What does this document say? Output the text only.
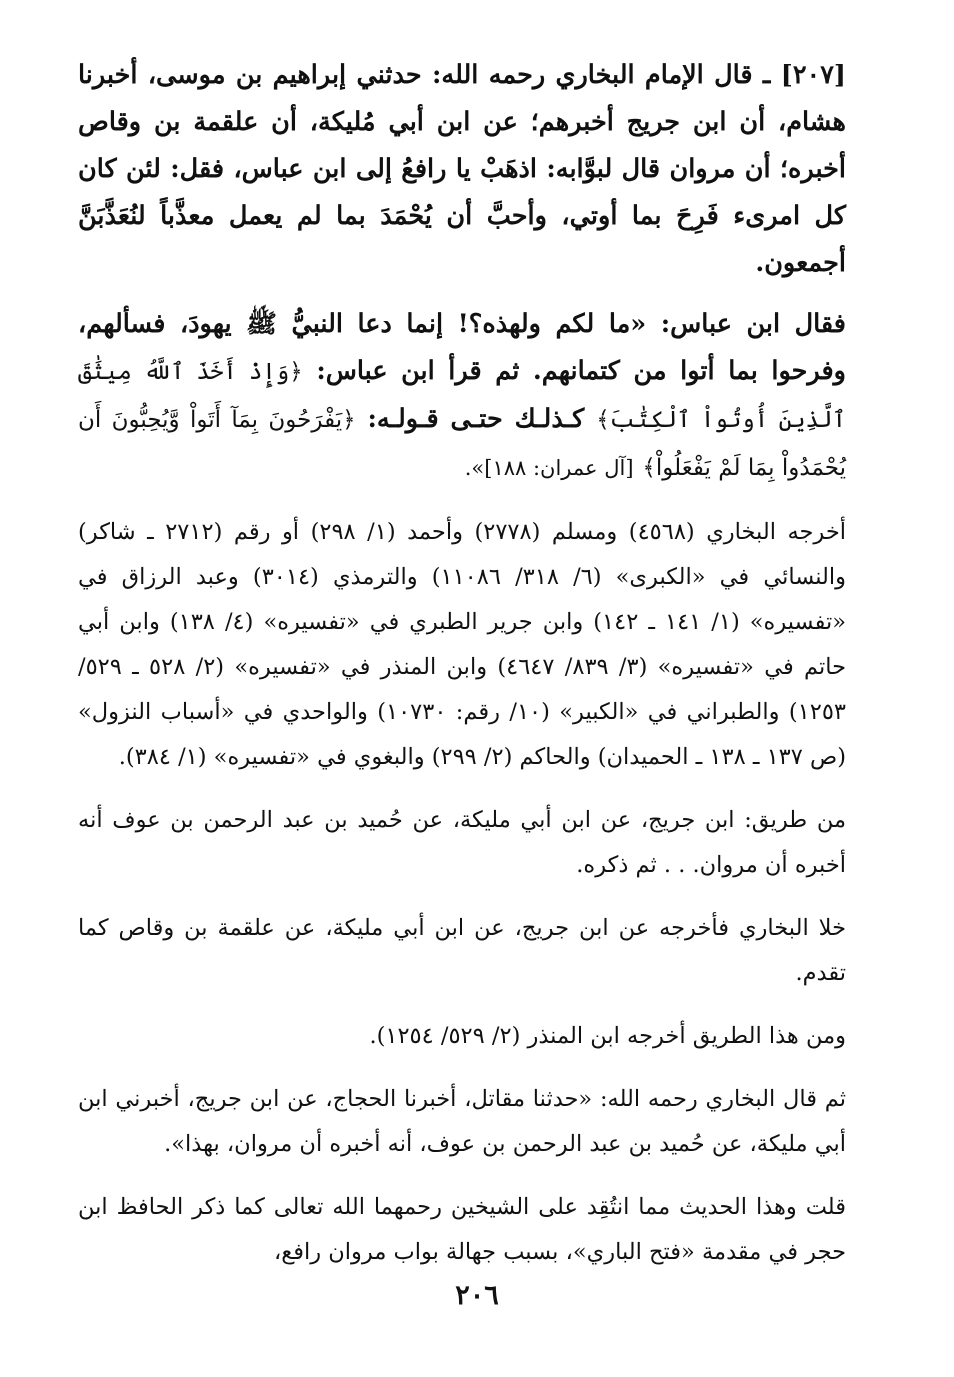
[٢٠٧] ـ قال الإمام البخاري رحمه الله: حدثني إبراهيم بن موسى، أخبرنا هشام، أن ابن جريج أخبرهم؛ عن ابن أبي مُليكة، أن علقمة بن وقاص أخبره؛ أن مروان قال لبوَّابه: اذهَبْ يا رافعُ إلى ابن عباس، فقل: لئن كان كل امرىء فَرِحَ بما أوتي، وأحبَّ أن يُحْمَدَ بما لم يعمل معذَّباً لنُعَذَّبَنَّ أجمعون.

فقال ابن عباس: «ما لكم ولهذه؟! إنما دعا النبيُّ ﷺ يهودَ، فسألهم، وفرحوا بما أتوا من كتمانهم. ثم قرأ ابن عباس: ﴿وَإِذْ أَخَذَ ٱللَّهُ مِيثَٰقَ ٱلَّذِينَ أُوتُواْ ٱلْكِتَٰبَ﴾ كـذلـك حتـى قـولـه: ﴿يَفْرَحُونَ بِمَآ أَتَواْ وَّيُحِبُّونَ أَن يُحْمَدُواْ بِمَا لَمْ يَفْعَلُواْ﴾ [آل عمران: ١٨٨]».

أخرجه البخاري (٤٥٦٨) ومسلم (٢٧٧٨) وأحمد (١/ ٢٩٨) أو رقم (٢٧١٢ ـ شاكر) والنسائي في «الكبرى» (٦/ ٣١٨/ ١١٠٨٦) والترمذي (٣٠١٤) وعبد الرزاق في «تفسيره» (١/ ١٤١ ـ ١٤٢) وابن جرير الطبري في «تفسيره» (٤/ ١٣٨) وابن أبي حاتم في «تفسيره» (٣/ ٨٣٩/ ٤٦٤٧) وابن المنذر في «تفسيره» (٢/ ٥٢٨ ـ ٥٢٩/ ١٢٥٣) والطبراني في «الكبير» (١٠/ رقم: ١٠٧٣٠) والواحدي في «أسباب النزول» (ص ١٣٧ ـ ١٣٨ ـ الحميدان) والحاكم (٢/ ٢٩٩) والبغوي في «تفسيره» (١/ ٣٨٤).

من طريق: ابن جريج، عن ابن أبي مليكة، عن حُميد بن عبد الرحمن بن عوف أنه أخبره أن مروان. . . ثم ذكره.

خلا البخاري فأخرجه عن ابن جريج، عن ابن أبي مليكة، عن علقمة بن وقاص كما تقدم.

ومن هذا الطريق أخرجه ابن المنذر (٢/ ٥٢٩/ ١٢٥٤).

ثم قال البخاري رحمه الله: «حدثنا مقاتل، أخبرنا الحجاج، عن ابن جريج، أخبرني ابن أبي مليكة، عن حُميد بن عبد الرحمن بن عوف، أنه أخبره أن مروان، بهذا».

قلت وهذا الحديث مما انتُقِد على الشيخين رحمهما الله تعالى كما ذكر الحافظ ابن حجر في مقدمة «فتح الباري»، بسبب جهالة بواب مروان رافع،

٢٠٦
